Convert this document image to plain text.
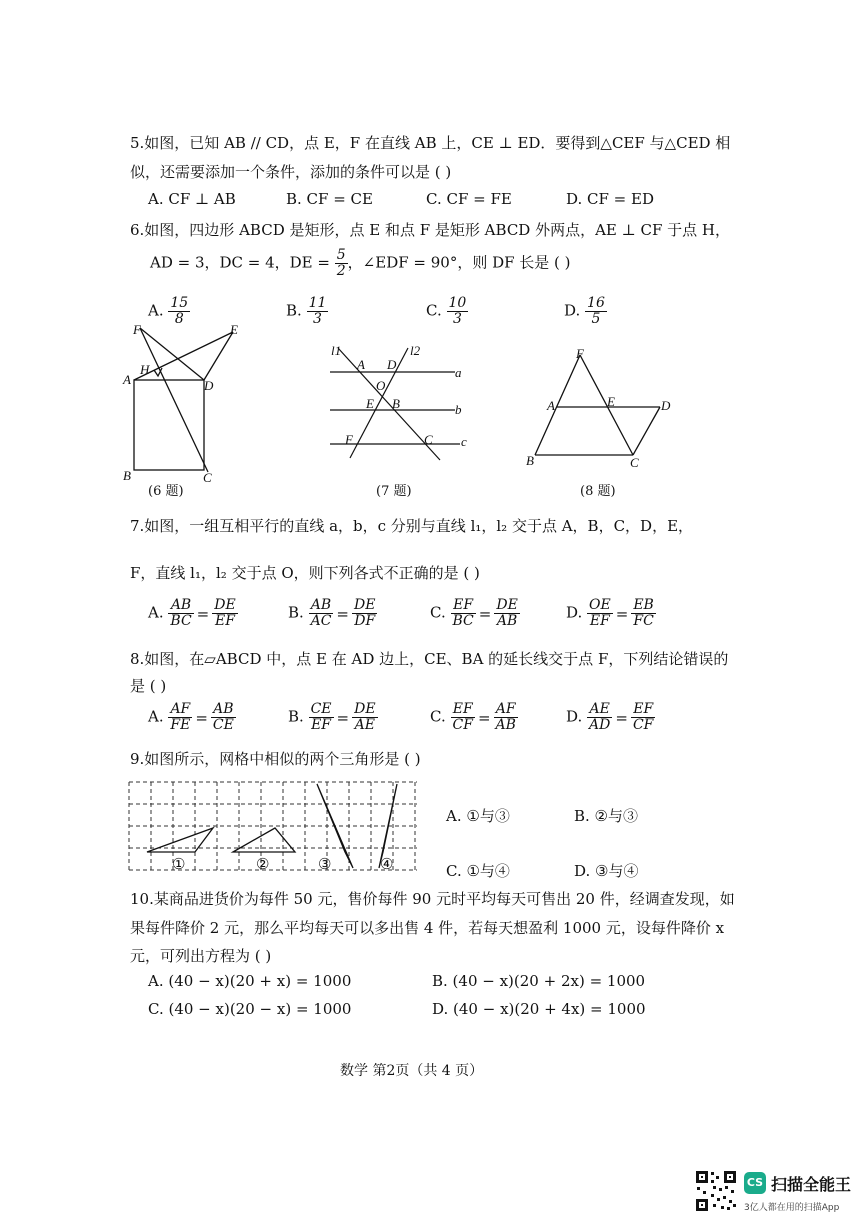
5.如图，已知 AB // CD，点 E，F 在直线 AB 上，CE ⊥ ED．要得到△CEF 与△CED 相
似，还需要添加一个条件，添加的条件可以是 ( )
A. CF ⊥ AB	B. CF = CE	C. CF = FE	D. CF = ED
6.如图，四边形 ABCD 是矩形，点 E 和点 F 是矩形 ABCD 外两点，AE ⊥ CF 于点 H，
AD = 3，DC = 4，DE = $\frac{5}{2}$ ，∠EDF = 90°，则 DF 长是 ( )
A. $\frac{15}{8}$	B. $\frac{11}{3}$	C. $\frac{10}{3}$	D. $\frac{16}{5}$
F	E
H
A	D
B	C
(6 题)
l1	l2
A D
a
O
E B	b
F	C c
(7 题)
F
A	E	D
B	C
(8 题)
7.如图，一组互相平行的直线 a，b，c 分别与直线 l₁，l₂ 交于点 A，B，C，D，E，
F，直线 l₁，l₂ 交于点 O，则下列各式不正确的是 ( )
A. $\frac{AB}{BC} = \frac{DE}{EF}$	B. $\frac{AB}{AC} = \frac{DE}{DF}$	C. $\frac{EF}{BC} = \frac{DE}{AB}$	D. $\frac{OE}{EF} = \frac{EB}{FC}$
8.如图，在▱ABCD 中，点 E 在 AD 边上，CE、BA 的延长线交于点 F，下列结论错误的
是 ( )
A. $\frac{AF}{FE} = \frac{AB}{CE}$	B. $\frac{CE}{EF} = \frac{DE}{AE}$	C. $\frac{EF}{CF} = \frac{AF}{AB}$	D. $\frac{AE}{AD} = \frac{EF}{CF}$
9.如图所示，网格中相似的两个三角形是 ( )
①	②	③	④
A. ①与③	B. ②与③
C. ①与④	D. ③与④
10.某商品进货价为每件 50 元，售价每件 90 元时平均每天可售出 20 件，经调查发现，如
果每件降价 2 元，那么平均每天可以多出售 4 件，若每天想盈利 1000 元，设每件降价 x
元，可列出方程为 ( )
A. (40 − x)(20 + x) = 1000	B. (40 − x)(20 + 2x) = 1000
C. (40 − x)(20 − x) = 1000	D. (40 − x)(20 + 4x) = 1000
数学 第2页（共 4 页）
CS 扫描全能王
3亿人都在用的扫描App
